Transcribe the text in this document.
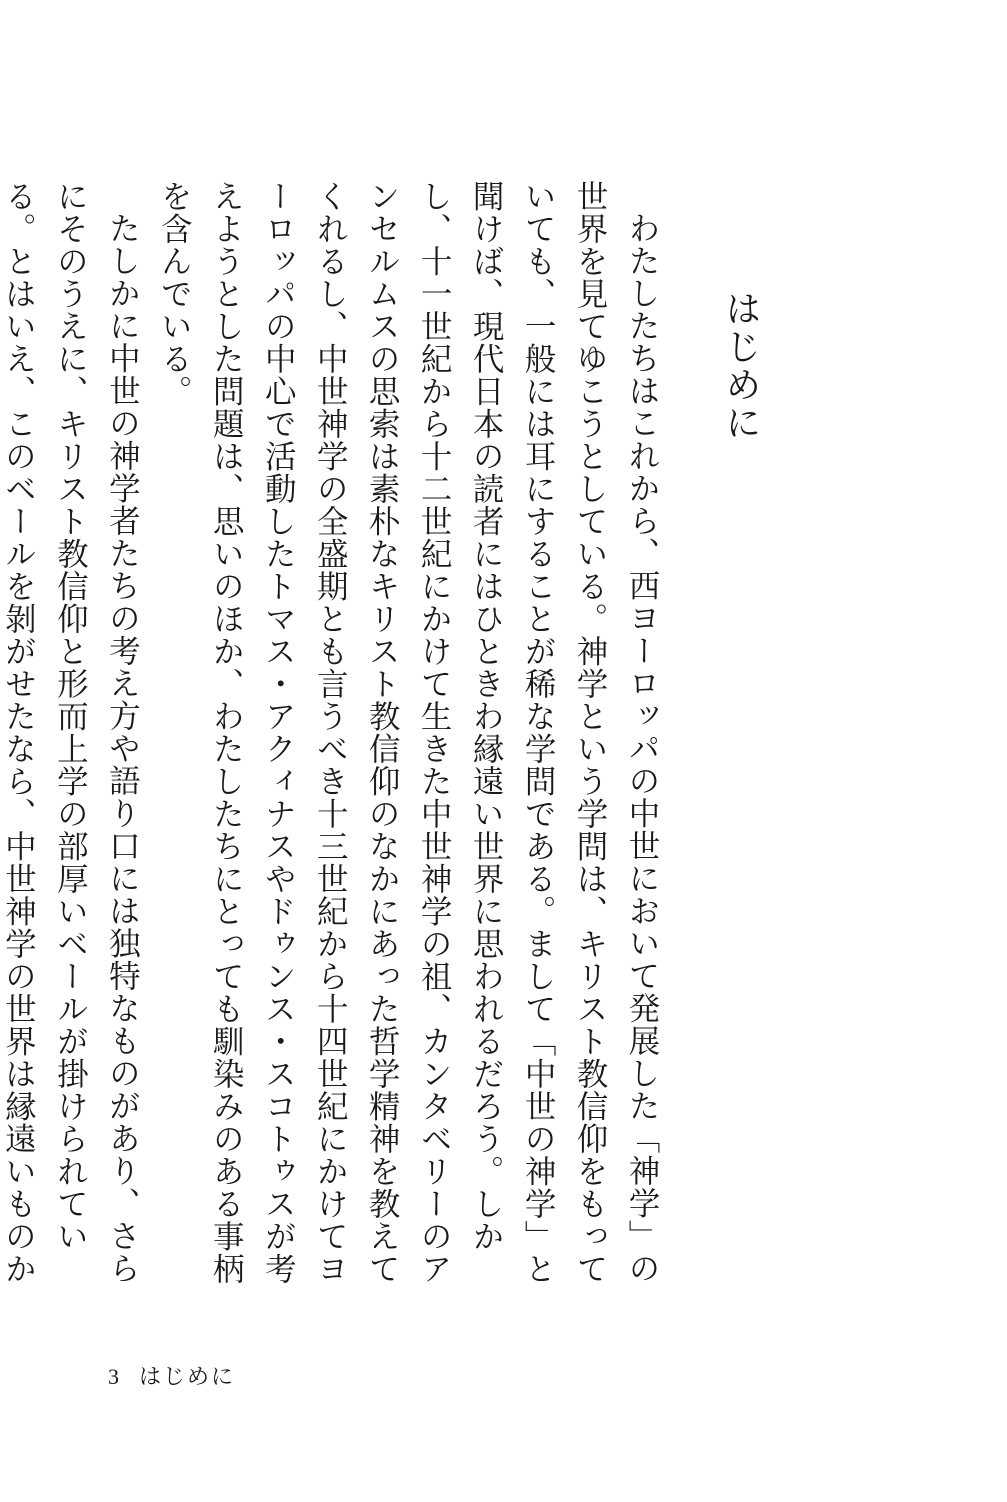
はじめに

わたしたちはこれから、西ヨーロッパの中世において発展した「神学」の世界を見てゆこうとしている。神学という学問は、キリスト教信仰をもっていても、一般には耳にすることが稀な学問である。まして「中世の神学」と聞けば、現代日本の読者にはひときわ縁遠い世界に思われるだろう。しかし、十一世紀から十二世紀にかけて生きた中世神学の祖、カンタベリーのアンセルムスの思索は素朴なキリスト教信仰のなかにあった哲学精神を教えてくれるし、中世神学の全盛期とも言うべき十三世紀から十四世紀にかけてヨーロッパの中心で活動したトマス・アクィナスやドゥンス・スコトゥスが考えようとした問題は、思いのほか、わたしたちにとっても馴染みのある事柄を含んでいる。

たしかに中世の神学者たちの考え方や語り口には独特なものがあり、さらにそのうえに、キリスト教信仰と形而上学の部厚いベールが掛けられている。とはいえ、このベールを剝がせたなら、中世神学の世界は縁遠いものか

3 はじめに
